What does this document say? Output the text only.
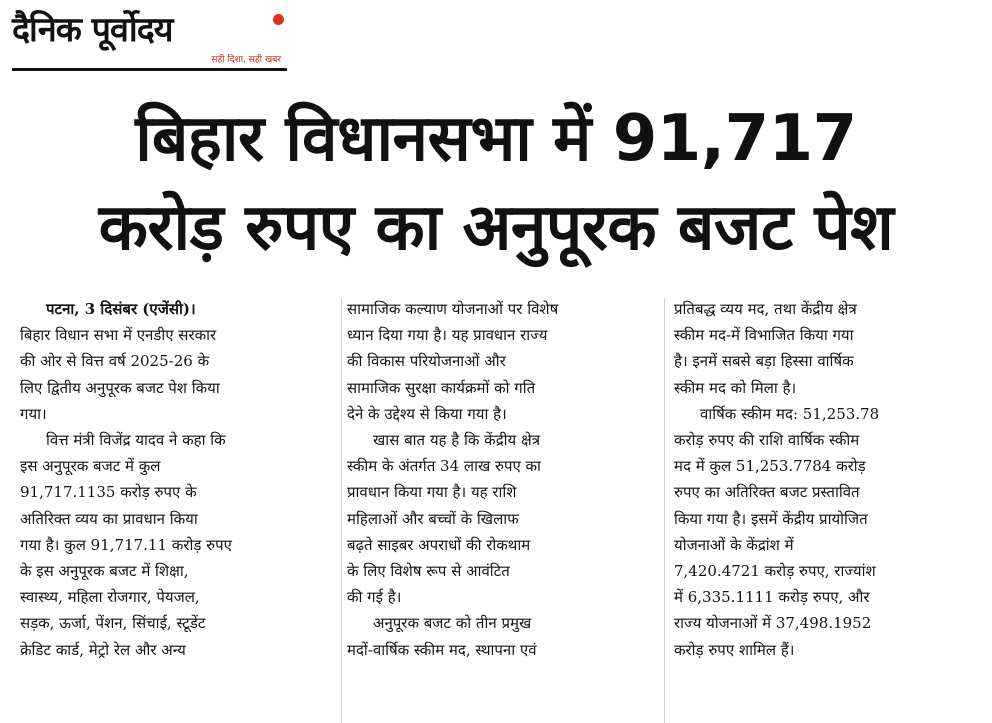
दैनिक पूर्वोदय
सही दिशा, सही खबर
बिहार विधानसभा में 91,717
करोड़ रुपए का अनुपूरक बजट पेश
पटना, 3 दिसंबर (एजेंसी)।
बिहार विधान सभा में एनडीए सरकार
की ओर से वित्त वर्ष 2025-26 के
लिए द्वितीय अनुपूरक बजट पेश किया
गया।
वित्त मंत्री विजेंद्र यादव ने कहा कि
इस अनुपूरक बजट में कुल
91,717.1135 करोड़ रुपए के
अतिरिक्त व्यय का प्रावधान किया
गया है। कुल 91,717.11 करोड़ रुपए
के इस अनुपूरक बजट में शिक्षा,
स्वास्थ्य, महिला रोजगार, पेयजल,
सड़क, ऊर्जा, पेंशन, सिंचाई, स्टूडेंट
क्रेडिट कार्ड, मेट्रो रेल और अन्य
सामाजिक कल्याण योजनाओं पर विशेष
ध्यान दिया गया है। यह प्रावधान राज्य
की विकास परियोजनाओं और
सामाजिक सुरक्षा कार्यक्रमों को गति
देने के उद्देश्य से किया गया है।
खास बात यह है कि केंद्रीय क्षेत्र
स्कीम के अंतर्गत 34 लाख रुपए का
प्रावधान किया गया है। यह राशि
महिलाओं और बच्चों के खिलाफ
बढ़ते साइबर अपराधों की रोकथाम
के लिए विशेष रूप से आवंटित
की गई है।
अनुपूरक बजट को तीन प्रमुख
मदों-वार्षिक स्कीम मद, स्थापना एवं
प्रतिबद्ध व्यय मद, तथा केंद्रीय क्षेत्र
स्कीम मद-में विभाजित किया गया
है। इनमें सबसे बड़ा हिस्सा वार्षिक
स्कीम मद को मिला है।
वार्षिक स्कीम मद: 51,253.78
करोड़ रुपए की राशि वार्षिक स्कीम
मद में कुल 51,253.7784 करोड़
रुपए का अतिरिक्त बजट प्रस्तावित
किया गया है। इसमें केंद्रीय प्रायोजित
योजनाओं के केंद्रांश में
7,420.4721 करोड़ रुपए, राज्यांश
में 6,335.1111 करोड़ रुपए, और
राज्य योजनाओं में 37,498.1952
करोड़ रुपए शामिल हैं।
